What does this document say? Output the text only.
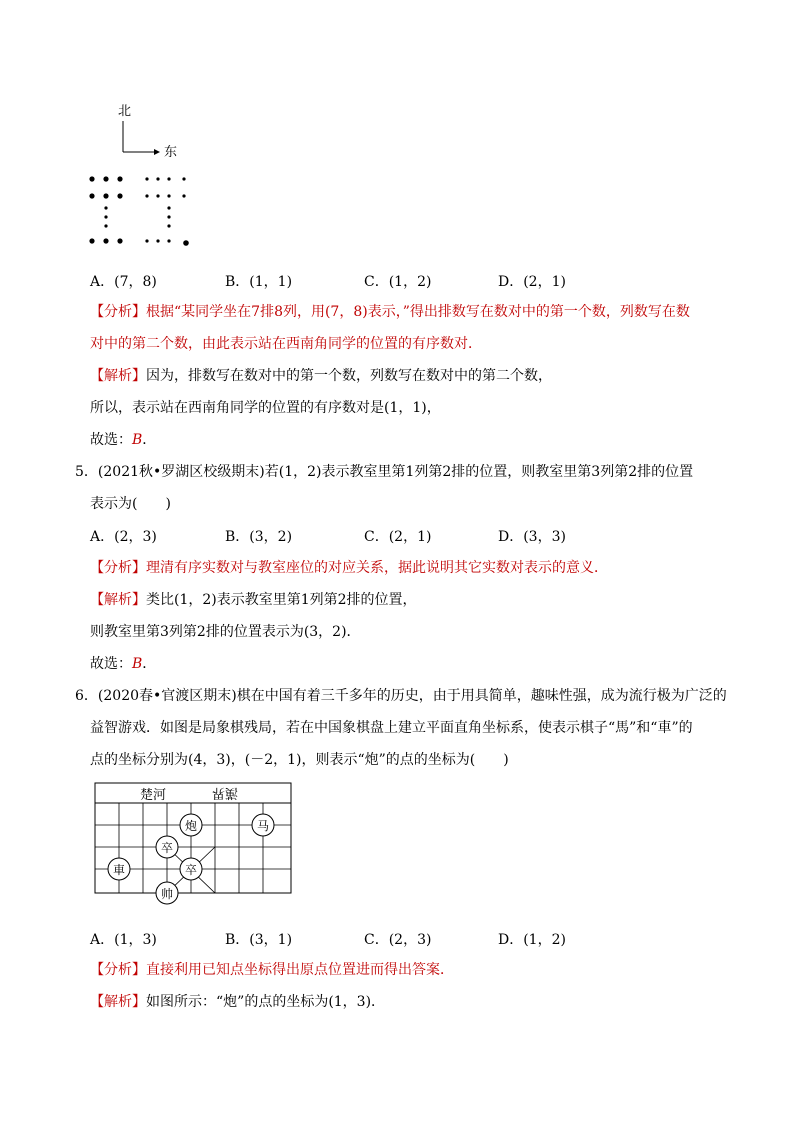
北
东
A．(7，8)	B．(1，1)	C．(1，2)	D．(2，1)
【分析】根据“某同学坐在7排8列，用(7，8)表示，”得出排数写在数对中的第一个数，列数写在数
对中的第二个数，由此表示站在西南角同学的位置的有序数对．
【解析】因为，排数写在数对中的第一个数，列数写在数对中的第二个数，
所以，表示站在西南角同学的位置的有序数对是(1，1)，
故选：B．
5．(2021秋•罗湖区校级期末)若(1，2)表示教室里第1列第2排的位置，则教室里第3列第2排的位置
表示为(　　)
A．(2，3)	B．(3，2)	C．(2，1)	D．(3，3)
【分析】理清有序实数对与教室座位的对应关系，据此说明其它实数对表示的意义．
【解析】类比(1，2)表示教室里第1列第2排的位置，
则教室里第3列第2排的位置表示为(3，2)．
故选：B．
6．(2020春•官渡区期末)棋在中国有着三千多年的历史，由于用具简单，趣味性强，成为流行极为广泛的
益智游戏．如图是局象棋残局，若在中国象棋盘上建立平面直角坐标系，使表示棋子“馬”和“車”的
点的坐标分别为(4，3)，(－2，1)，则表示“炮”的点的坐标为(　　)
楚河	漢界
炮	马
卒
卒
車
帅
A．(1，3)	B．(3，1)	C．(2，3)	D．(1，2)
【分析】直接利用已知点坐标得出原点位置进而得出答案．
【解析】如图所示：“炮”的点的坐标为(1，3)．
